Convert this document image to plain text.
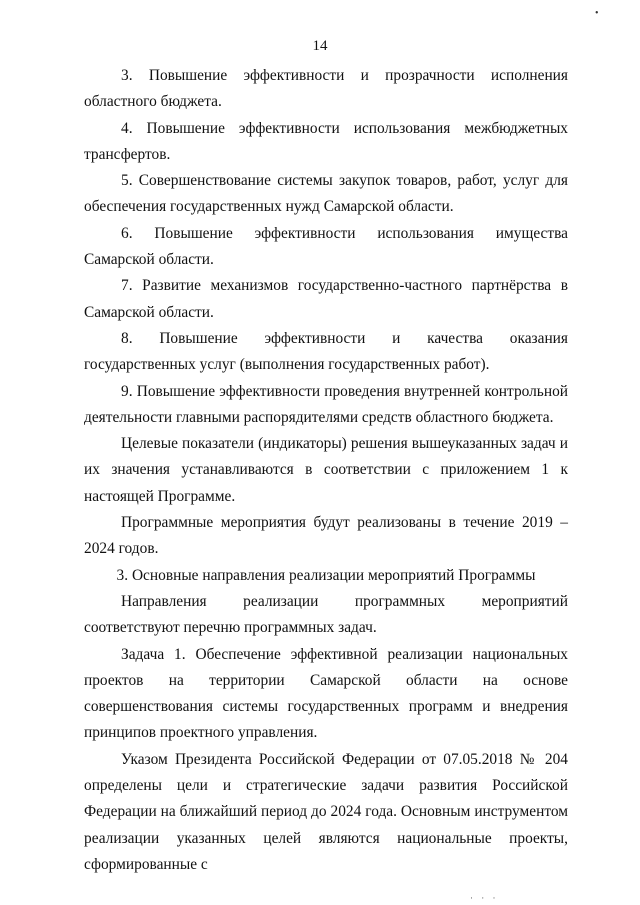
•
14

3. Повышение эффективности и прозрачности исполнения областного бюджета.

4. Повышение эффективности использования межбюджетных трансфертов.

5. Совершенствование системы закупок товаров, работ, услуг для обеспечения государственных нужд Самарской области.

6. Повышение эффективности использования имущества Самарской области.

7. Развитие механизмов государственно-частного партнёрства в Самарской области.

8. Повышение эффективности и качества оказания государственных услуг (выполнения государственных работ).

9. Повышение эффективности проведения внутренней контрольной деятельности главными распорядителями средств областного бюджета.

Целевые показатели (индикаторы) решения вышеуказанных задач и их значения устанавливаются в соответствии с приложением 1 к настоящей Программе.

Программные мероприятия будут реализованы в течение 2019 – 2024 годов.

3. Основные направления реализации мероприятий Программы

Направления реализации программных мероприятий соответствуют перечню программных задач.

Задача 1. Обеспечение эффективной реализации национальных проектов на территории Самарской области на основе совершенствования системы государственных программ и внедрения принципов проектного управления.

Указом Президента Российской Федерации от 07.05.2018 № 204 определены цели и стратегические задачи развития Российской Федерации на ближайший период до 2024 года. Основным инструментом реализации указанных целей являются национальные проекты, сформированные с

· · ·
